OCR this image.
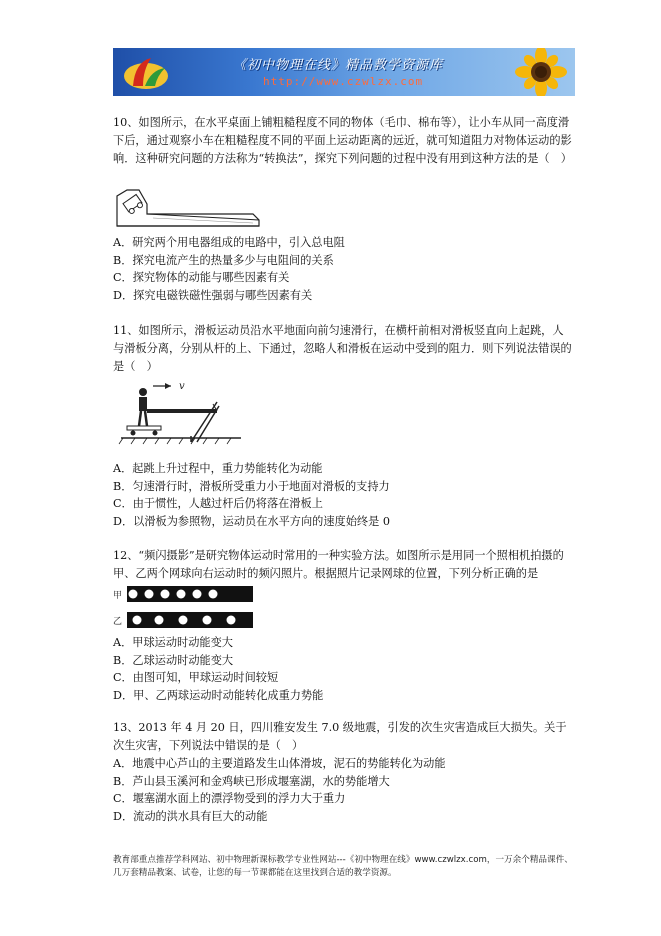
《初中物理在线》精品教学资源库
http://www.czwlzx.com

10、如图所示，在水平桌面上铺粗糙程度不同的物体（毛巾、棉布等），让小车从同一高度滑下后，通过观察小车在粗糙程度不同的平面上运动距离的远近，就可知道阻力对物体运动的影响．这种研究问题的方法称为“转换法”，探究下列问题的过程中没有用到这种方法的是（　）

A．研究两个用电器组成的电路中，引入总电阻

B．探究电流产生的热量多少与电阻间的关系

C．探究物体的动能与哪些因素有关

D．探究电磁铁磁性强弱与哪些因素有关

11、如图所示，滑板运动员沿水平地面向前匀速滑行，在横杆前相对滑板竖直向上起跳，人与滑板分离，分别从杆的上、下通过，忽略人和滑板在运动中受到的阻力．则下列说法错误的是（　）

v

A．起跳上升过程中，重力势能转化为动能

B．匀速滑行时，滑板所受重力小于地面对滑板的支持力

C．由于惯性，人越过杆后仍将落在滑板上

D．以滑板为参照物，运动员在水平方向的速度始终是 0

12、“频闪摄影”是研究物体运动时常用的一种实验方法。如图所示是用同一个照相机拍摄的甲、乙两个网球向右运动时的频闪照片。根据照片记录网球的位置，下列分析正确的是

甲
乙

A．甲球运动时动能变大

B．乙球运动时动能变大

C．由图可知，甲球运动时间较短

D．甲、乙两球运动时动能转化成重力势能

13、2013 年 4 月 20 日，四川雅安发生 7.0 级地震，引发的次生灾害造成巨大损失。关于次生灾害，下列说法中错误的是（　）

A．地震中心芦山的主要道路发生山体滑坡，泥石的势能转化为动能

B．芦山县玉溪河和金鸡峡已形成堰塞湖，水的势能增大

C．堰塞湖水面上的漂浮物受到的浮力大于重力

D．流动的洪水具有巨大的动能

教育部重点推荐学科网站、初中物理新课标教学专业性网站---《初中物理在线》www.czwlzx.com，一万余个精品课件、几万套精品教案、试卷，让您的每一节课都能在这里找到合适的教学资源。
